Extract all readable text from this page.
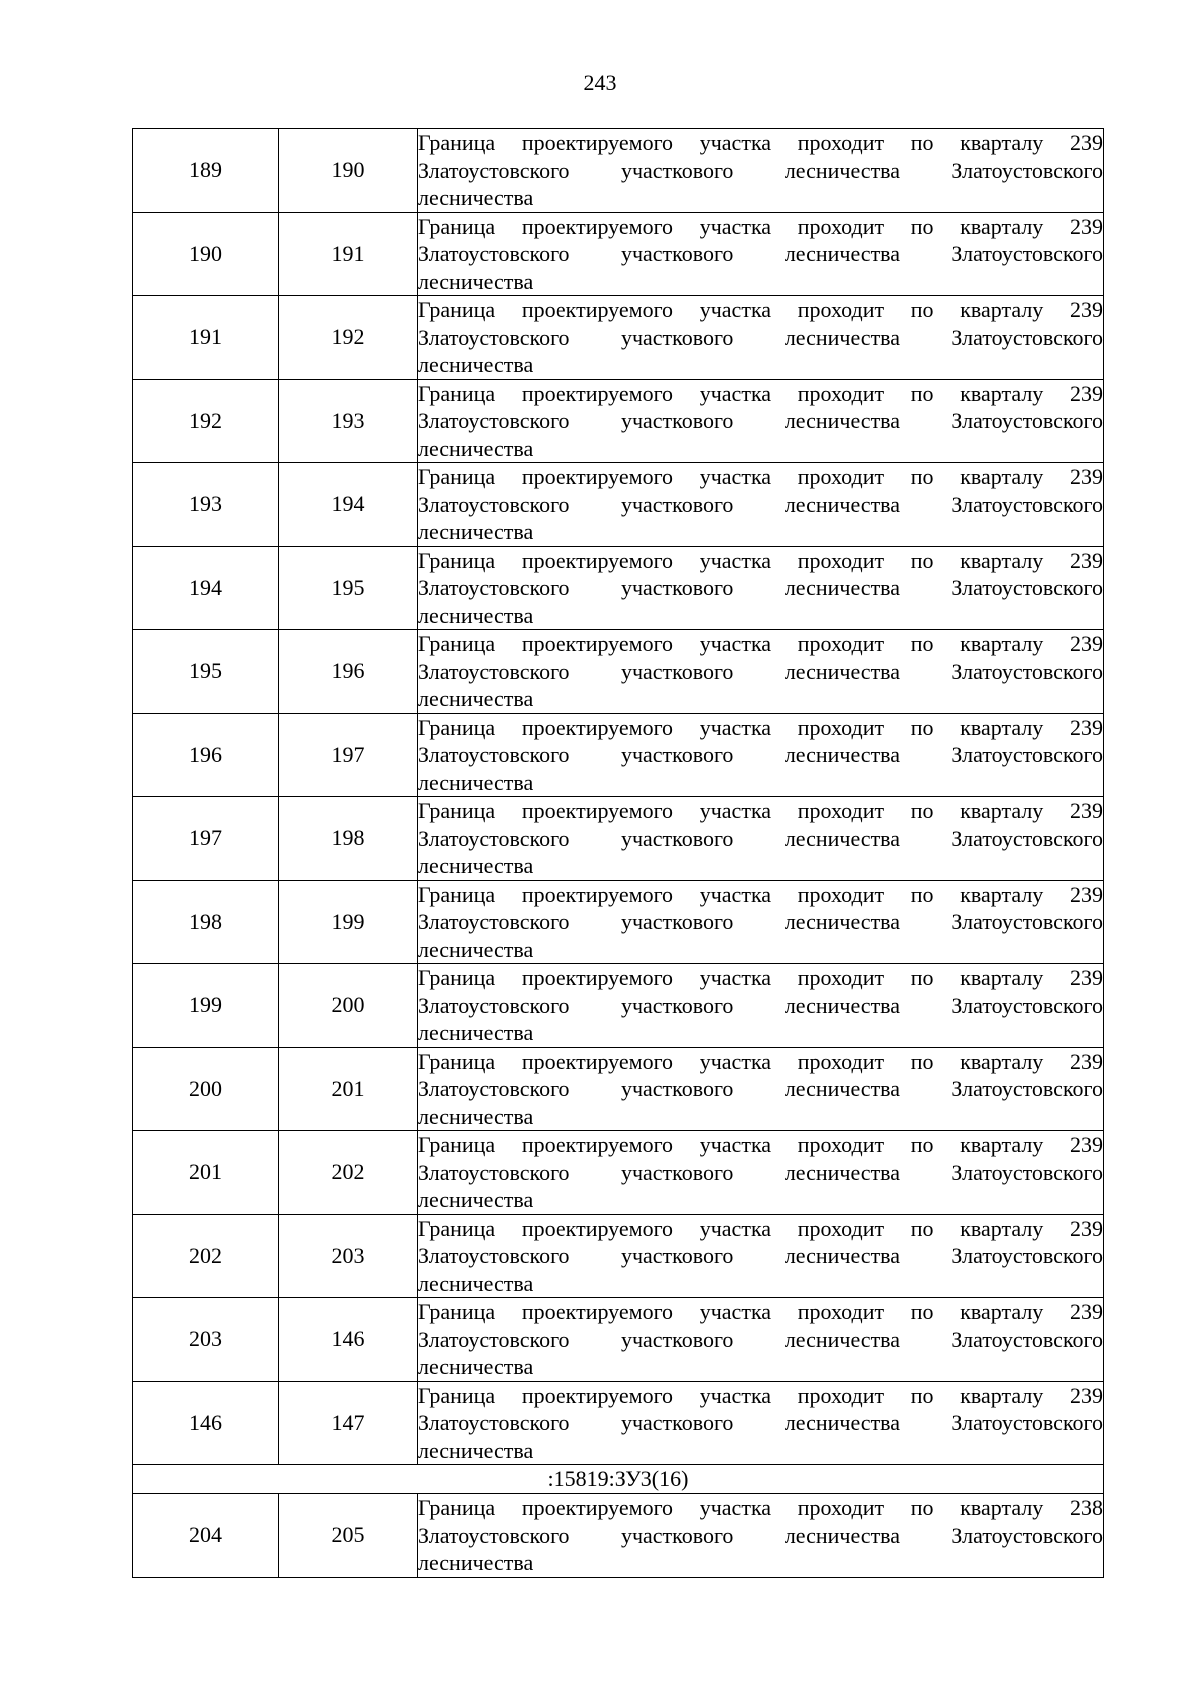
243
189	190	Граница проектируемого участка проходит по кварталу 239
Златоустовского участкового лесничества Златоустовского
лесничества

190	191	Граница проектируемого участка проходит по кварталу 239
Златоустовского участкового лесничества Златоустовского
лесничества

191	192	Граница проектируемого участка проходит по кварталу 239
Златоустовского участкового лесничества Златоустовского
лесничества

192	193	Граница проектируемого участка проходит по кварталу 239
Златоустовского участкового лесничества Златоустовского
лесничества

193	194	Граница проектируемого участка проходит по кварталу 239
Златоустовского участкового лесничества Златоустовского
лесничества

194	195	Граница проектируемого участка проходит по кварталу 239
Златоустовского участкового лесничества Златоустовского
лесничества

195	196	Граница проектируемого участка проходит по кварталу 239
Златоустовского участкового лесничества Златоустовского
лесничества

196	197	Граница проектируемого участка проходит по кварталу 239
Златоустовского участкового лесничества Златоустовского
лесничества

197	198	Граница проектируемого участка проходит по кварталу 239
Златоустовского участкового лесничества Златоустовского
лесничества

198	199	Граница проектируемого участка проходит по кварталу 239
Златоустовского участкового лесничества Златоустовского
лесничества

199	200	Граница проектируемого участка проходит по кварталу 239
Златоустовского участкового лесничества Златоустовского
лесничества

200	201	Граница проектируемого участка проходит по кварталу 239
Златоустовского участкового лесничества Златоустовского
лесничества

201	202	Граница проектируемого участка проходит по кварталу 239
Златоустовского участкового лесничества Златоустовского
лесничества

202	203	Граница проектируемого участка проходит по кварталу 239
Златоустовского участкового лесничества Златоустовского
лесничества

203	146	Граница проектируемого участка проходит по кварталу 239
Златоустовского участкового лесничества Златоустовского
лесничества

146	147	Граница проектируемого участка проходит по кварталу 239
Златоустовского участкового лесничества Златоустовского
лесничества

:15819:ЗУ3(16)		
204	205	Граница проектируемого участка проходит по кварталу 238
Златоустовского участкового лесничества Златоустовского
лесничества
